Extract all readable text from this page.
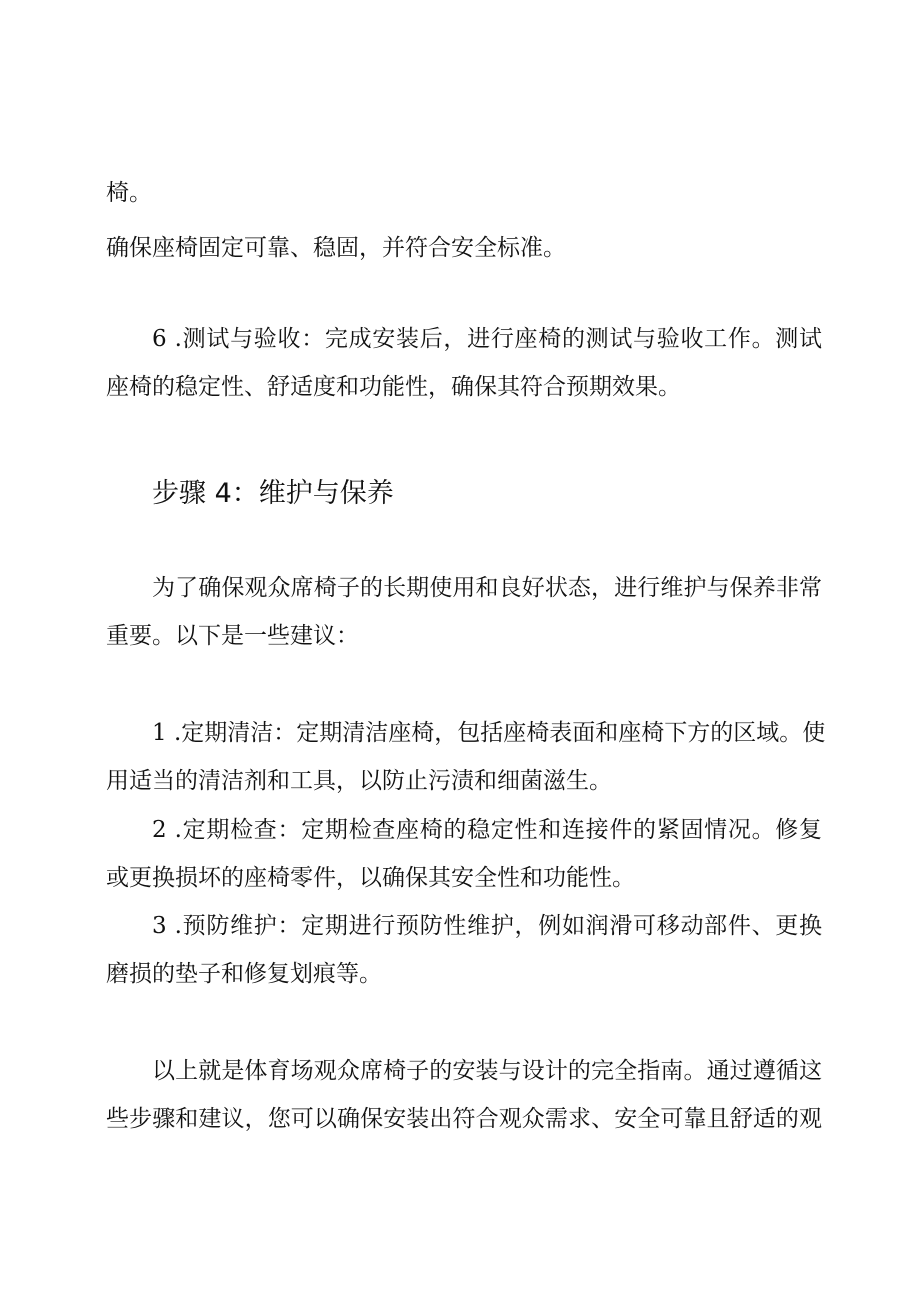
椅。
确保座椅固定可靠、稳固，并符合安全标准。
6 .测试与验收：完成安装后，进行座椅的测试与验收工作。测试
座椅的稳定性、舒适度和功能性，确保其符合预期效果。
步骤 4：维护与保养
为了确保观众席椅子的长期使用和良好状态，进行维护与保养非常
重要。以下是一些建议：
1 .定期清洁：定期清洁座椅，包括座椅表面和座椅下方的区域。使
用适当的清洁剂和工具，以防止污渍和细菌滋生。
2 .定期检查：定期检查座椅的稳定性和连接件的紧固情况。修复
或更换损坏的座椅零件，以确保其安全性和功能性。
3 .预防维护：定期进行预防性维护，例如润滑可移动部件、更换
磨损的垫子和修复划痕等。
以上就是体育场观众席椅子的安装与设计的完全指南。通过遵循这
些步骤和建议，您可以确保安装出符合观众需求、安全可靠且舒适的观
